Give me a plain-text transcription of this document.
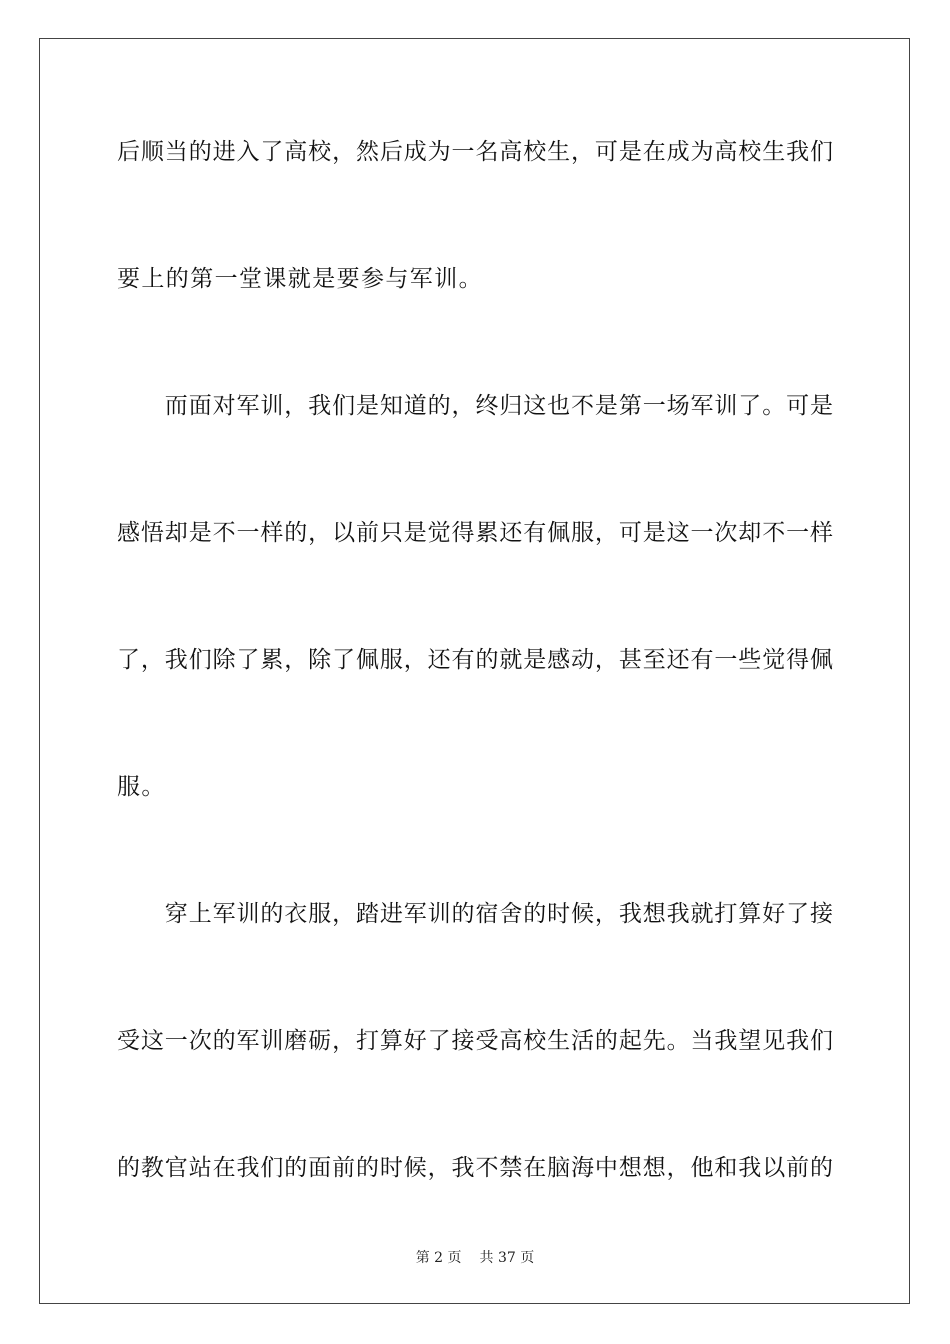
后顺当的进入了高校，然后成为一名高校生，可是在成为高校生我们
要上的第一堂课就是要参与军训。
　　而面对军训，我们是知道的，终归这也不是第一场军训了。可是
感悟却是不一样的，以前只是觉得累还有佩服，可是这一次却不一样
了，我们除了累，除了佩服，还有的就是感动，甚至还有一些觉得佩
服。
　　穿上军训的衣服，踏进军训的宿舍的时候，我想我就打算好了接
受这一次的军训磨砺，打算好了接受高校生活的起先。当我望见我们
的教官站在我们的面前的时候，我不禁在脑海中想想，他和我以前的
第 2 页 共 37 页
